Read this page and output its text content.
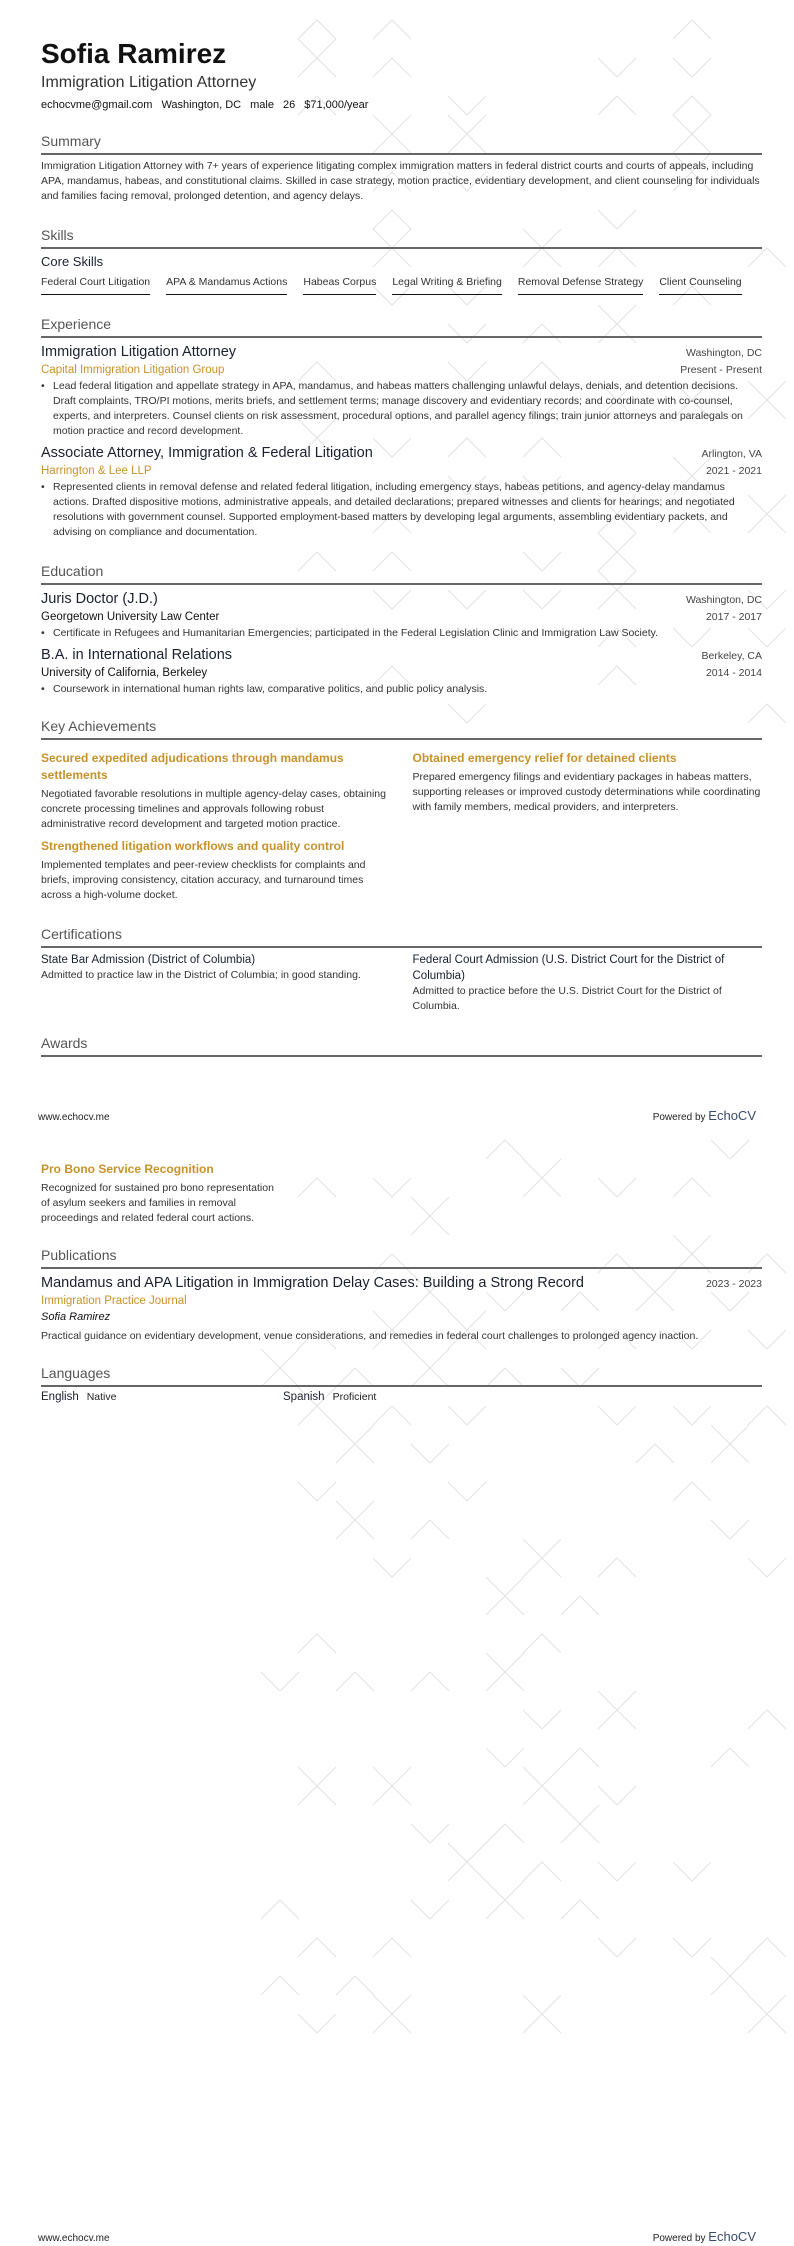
Sofia Ramirez
Immigration Litigation Attorney
echocvme@gmail.com Washington, DC male 26 $71,000/year
Summary
Immigration Litigation Attorney with 7+ years of experience litigating complex immigration matters in federal district courts and courts of appeals, including APA, mandamus, habeas, and constitutional claims. Skilled in case strategy, motion practice, evidentiary development, and client counseling for individuals and families facing removal, prolonged detention, and agency delays.
Skills
Core Skills
Federal Court Litigation APA & Mandamus Actions Habeas Corpus Legal Writing & Briefing Removal Defense Strategy Client Counseling
Experience
Immigration Litigation Attorney	Washington, DC
Capital Immigration Litigation Group	Present - Present
• Lead federal litigation and appellate strategy in APA, mandamus, and habeas matters challenging unlawful delays, denials, and detention decisions. Draft complaints, TRO/PI motions, merits briefs, and settlement terms; manage discovery and evidentiary records; and coordinate with co-counsel, experts, and interpreters. Counsel clients on risk assessment, procedural options, and parallel agency filings; train junior attorneys and paralegals on motion practice and record development.
Associate Attorney, Immigration & Federal Litigation	Arlington, VA
Harrington & Lee LLP	2021 - 2021
• Represented clients in removal defense and related federal litigation, including emergency stays, habeas petitions, and agency-delay mandamus actions. Drafted dispositive motions, administrative appeals, and detailed declarations; prepared witnesses and clients for hearings; and negotiated resolutions with government counsel. Supported employment-based matters by developing legal arguments, assembling evidentiary packets, and advising on compliance and documentation.
Education
Juris Doctor (J.D.)	Washington, DC
Georgetown University Law Center	2017 - 2017
• Certificate in Refugees and Humanitarian Emergencies; participated in the Federal Legislation Clinic and Immigration Law Society.
B.A. in International Relations	Berkeley, CA
University of California, Berkeley	2014 - 2014
• Coursework in international human rights law, comparative politics, and public policy analysis.
Key Achievements
Secured expedited adjudications through mandamus settlements
Negotiated favorable resolutions in multiple agency-delay cases, obtaining concrete processing timelines and approvals following robust administrative record development and targeted motion practice.
Strengthened litigation workflows and quality control
Implemented templates and peer-review checklists for complaints and briefs, improving consistency, citation accuracy, and turnaround times across a high-volume docket.
Obtained emergency relief for detained clients
Prepared emergency filings and evidentiary packages in habeas matters, supporting releases or improved custody determinations while coordinating with family members, medical providers, and interpreters.
Certifications
State Bar Admission (District of Columbia)
Admitted to practice law in the District of Columbia; in good standing.
Federal Court Admission (U.S. District Court for the District of Columbia)
Admitted to practice before the U.S. District Court for the District of Columbia.
Awards
www.echocv.me	Powered by EchoCV
Pro Bono Service Recognition
Recognized for sustained pro bono representation of asylum seekers and families in removal proceedings and related federal court actions.
Publications
Mandamus and APA Litigation in Immigration Delay Cases: Building a Strong Record	2023 - 2023
Immigration Practice Journal
Sofia Ramirez
Practical guidance on evidentiary development, venue considerations, and remedies in federal court challenges to prolonged agency inaction.
Languages
English Native	Spanish Proficient
www.echocv.me	Powered by EchoCV
